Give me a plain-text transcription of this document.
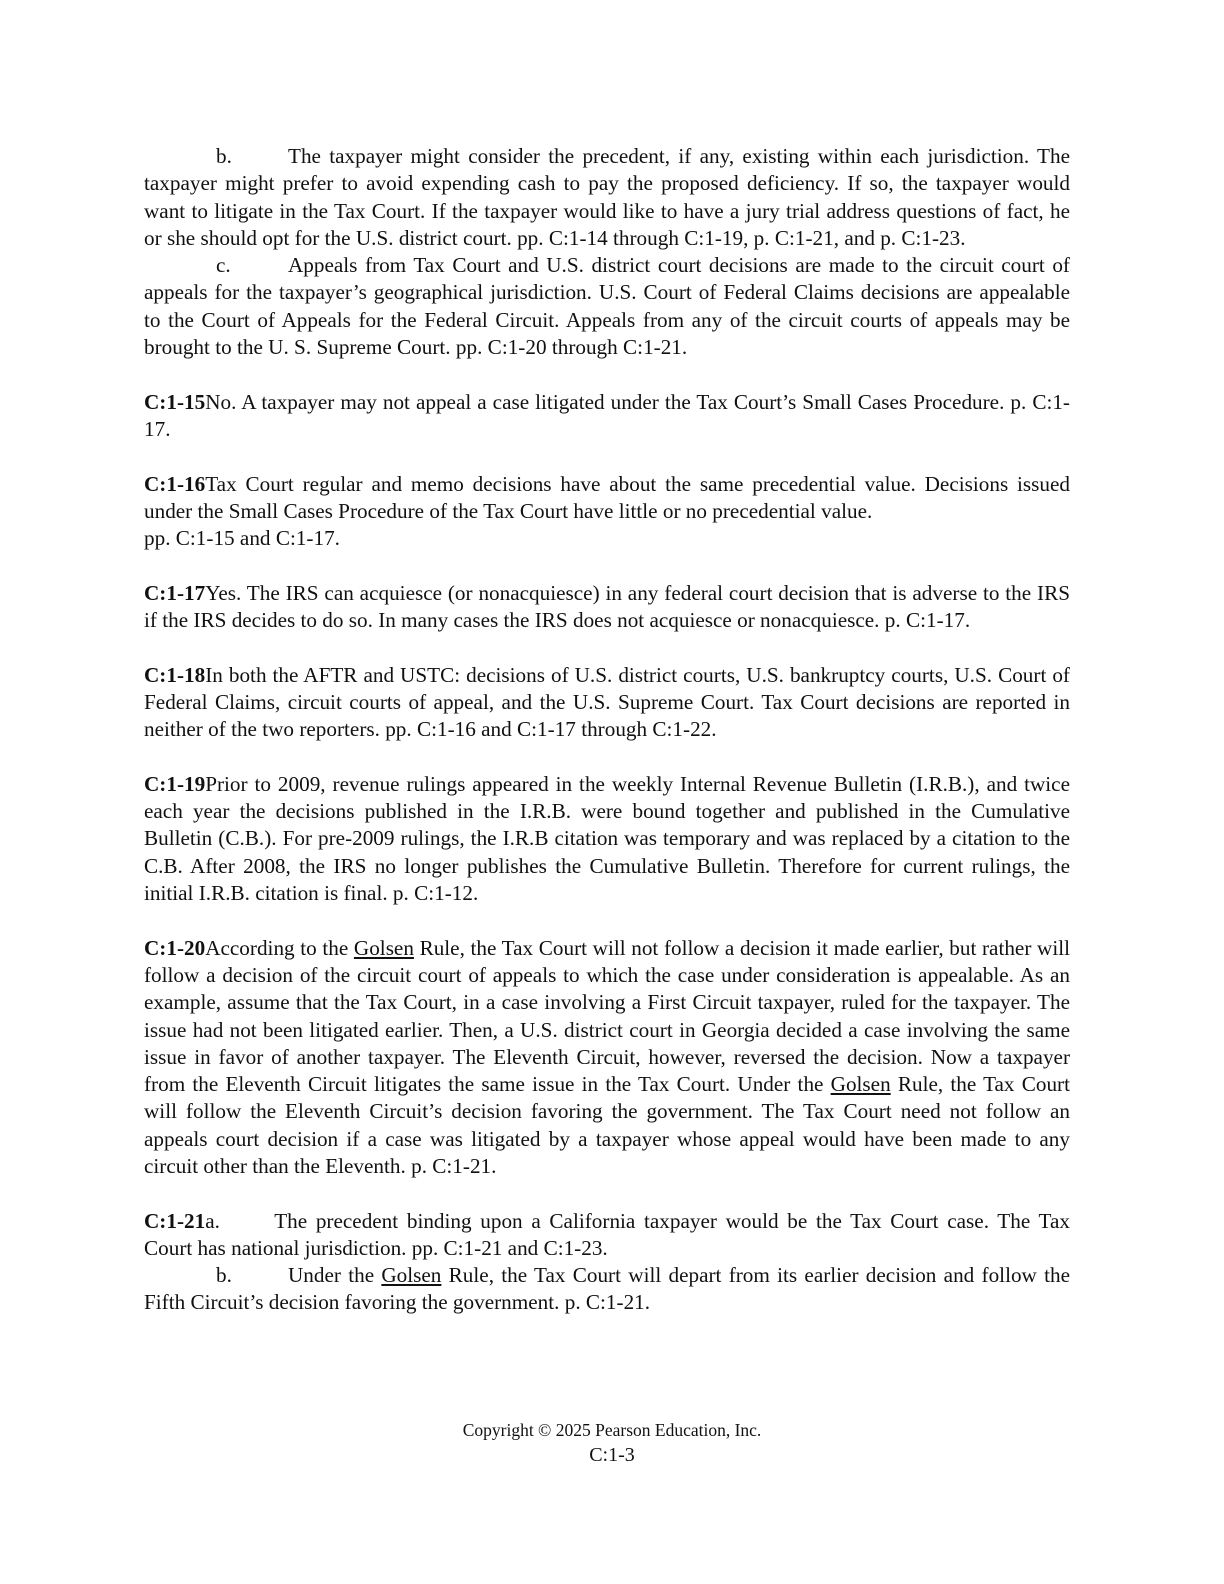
b.	The taxpayer might consider the precedent, if any, existing within each jurisdiction. The taxpayer might prefer to avoid expending cash to pay the proposed deficiency. If so, the taxpayer would want to litigate in the Tax Court. If the taxpayer would like to have a jury trial address questions of fact, he or she should opt for the U.S. district court. pp. C:1-14 through C:1-19, p. C:1-21, and p. C:1-23.

c.	Appeals from Tax Court and U.S. district court decisions are made to the circuit court of appeals for the taxpayer’s geographical jurisdiction. U.S. Court of Federal Claims decisions are appealable to the Court of Appeals for the Federal Circuit. Appeals from any of the circuit courts of appeals may be brought to the U. S. Supreme Court. pp. C:1-20 through C:1-21.

C:1-15No. A taxpayer may not appeal a case litigated under the Tax Court’s Small Cases Procedure. p. C:1-17.

C:1-16Tax Court regular and memo decisions have about the same precedential value. Decisions issued under the Small Cases Procedure of the Tax Court have little or no precedential value.
pp. C:1-15 and C:1-17.

C:1-17Yes. The IRS can acquiesce (or nonacquiesce) in any federal court decision that is adverse to the IRS if the IRS decides to do so. In many cases the IRS does not acquiesce or nonacquiesce. p. C:1-17.

C:1-18In both the AFTR and USTC: decisions of U.S. district courts, U.S. bankruptcy courts, U.S. Court of Federal Claims, circuit courts of appeal, and the U.S. Supreme Court. Tax Court decisions are reported in neither of the two reporters. pp. C:1-16 and C:1-17 through C:1-22.

C:1-19Prior to 2009, revenue rulings appeared in the weekly Internal Revenue Bulletin (I.R.B.), and twice each year the decisions published in the I.R.B. were bound together and published in the Cumulative Bulletin (C.B.). For pre-2009 rulings, the I.R.B citation was temporary and was replaced by a citation to the C.B. After 2008, the IRS no longer publishes the Cumulative Bulletin. Therefore for current rulings, the initial I.R.B. citation is final. p. C:1-12.

C:1-20According to the Golsen Rule, the Tax Court will not follow a decision it made earlier, but rather will follow a decision of the circuit court of appeals to which the case under consideration is appealable. As an example, assume that the Tax Court, in a case involving a First Circuit taxpayer, ruled for the taxpayer. The issue had not been litigated earlier. Then, a U.S. district court in Georgia decided a case involving the same issue in favor of another taxpayer. The Eleventh Circuit, however, reversed the decision. Now a taxpayer from the Eleventh Circuit litigates the same issue in the Tax Court. Under the Golsen Rule, the Tax Court will follow the Eleventh Circuit’s decision favoring the government. The Tax Court need not follow an appeals court decision if a case was litigated by a taxpayer whose appeal would have been made to any circuit other than the Eleventh. p. C:1-21.

C:1-21a.	The precedent binding upon a California taxpayer would be the Tax Court case. The Tax Court has national jurisdiction. pp. C:1-21 and C:1-23.

b.	Under the Golsen Rule, the Tax Court will depart from its earlier decision and follow the Fifth Circuit’s decision favoring the government. p. C:1-21.

Copyright © 2025 Pearson Education, Inc.
C:1-3
